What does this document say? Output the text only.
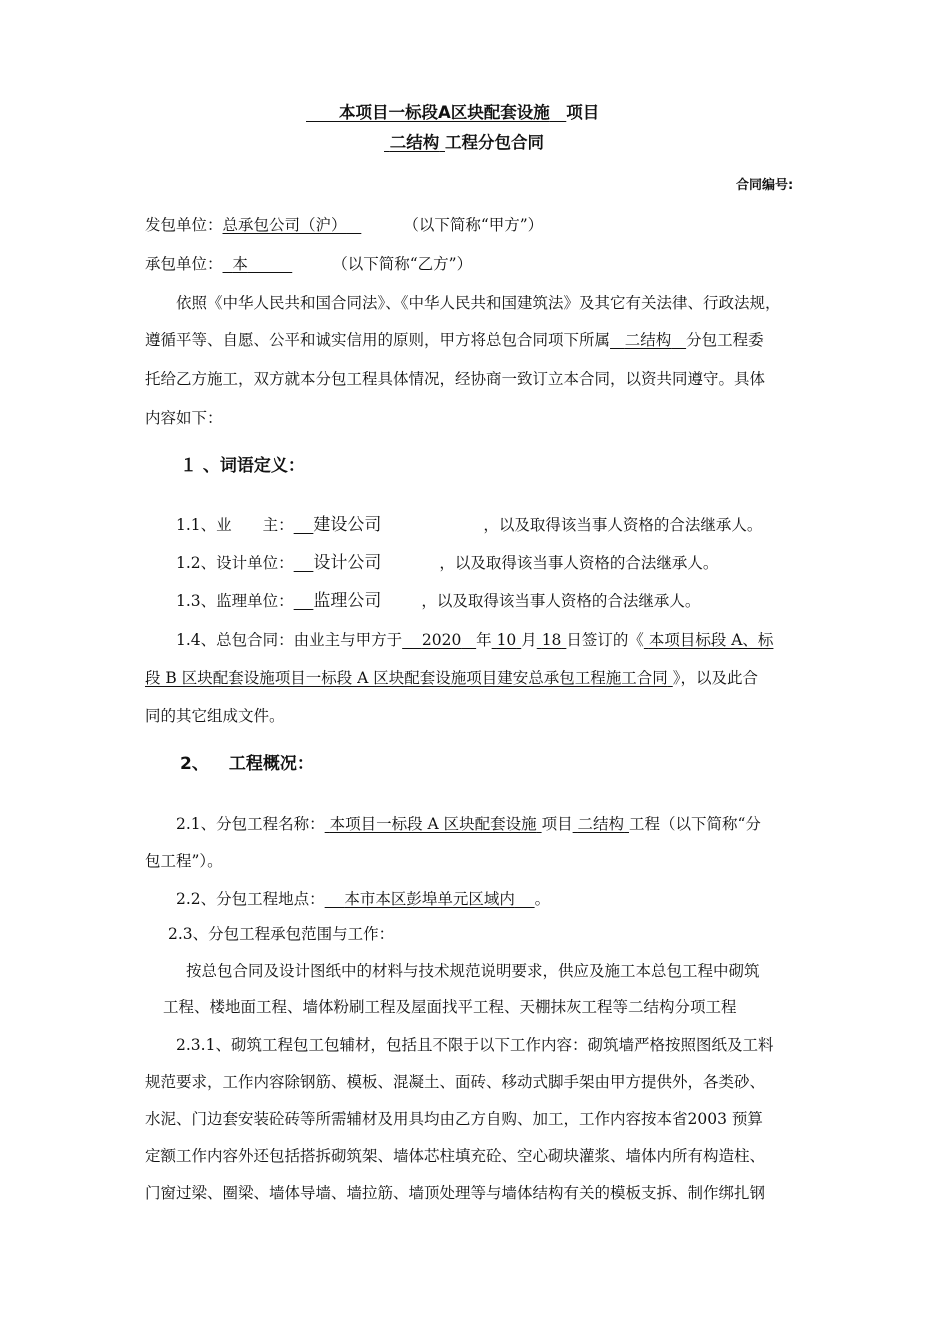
　　本项目一标段A区块配套设施　 项目
二结构 工程分包合同
合同编号:
发包单位：总承包公司（沪）	（以下简称“甲方”）
承包单位： 本	（以下简称“乙方”）
依照《中华人民共和国合同法》、《中华人民共和国建筑法》及其它有关法律、行政法规，
遵循平等、自愿、公平和诚实信用的原则，甲方将总包合同项下所属 二结构 分包工程委
托给乙方施工，双方就本分包工程具体情况，经协商一致订立本合同，以资共同遵守。具体
内容如下：
１ 、词语定义：
1.1、业　　主： 建设公司	，以及取得该当事人资格的合法继承人。
1.2、设计单位： 设计公司	，以及取得该当事人资格的合法继承人。
1.3、监理单位： 监理公司	，以及取得该当事人资格的合法继承人。
1.4、总包合同：由业主与甲方于 2020 年 10 月 18 日签订的《 本项目标段 A、标
段 B 区块配套设施项目一标段 A 区块配套设施项目建安总承包工程施工合同 》，以及此合
同的其它组成文件。
2、 工程概况：
2.1、分包工程名称： 本项目一标段 A 区块配套设施 项目 二结构 工程（以下简称“分
包工程”）。
2.2、分包工程地点： 本市本区彭埠单元区域内 。
2.3、分包工程承包范围与工作：
按总包合同及设计图纸中的材料与技术规范说明要求，供应及施工本总包工程中砌筑
工程、楼地面工程、墙体粉刷工程及屋面找平工程、天棚抹灰工程等二结构分项工程
2.3.1、砌筑工程包工包辅材，包括且不限于以下工作内容：砌筑墙严格按照图纸及工料
规范要求，工作内容除钢筋、模板、混凝土、面砖、移动式脚手架由甲方提供外，各类砂、
水泥、门边套安装砼砖等所需辅材及用具均由乙方自购、加工，工作内容按本省2003 预算
定额工作内容外还包括搭拆砌筑架、墙体芯柱填充砼、空心砌块灌浆、墙体内所有构造柱、
门窗过梁、圈梁、墙体导墙、墙拉筋、墙顶处理等与墙体结构有关的模板支拆、制作绑扎钢
